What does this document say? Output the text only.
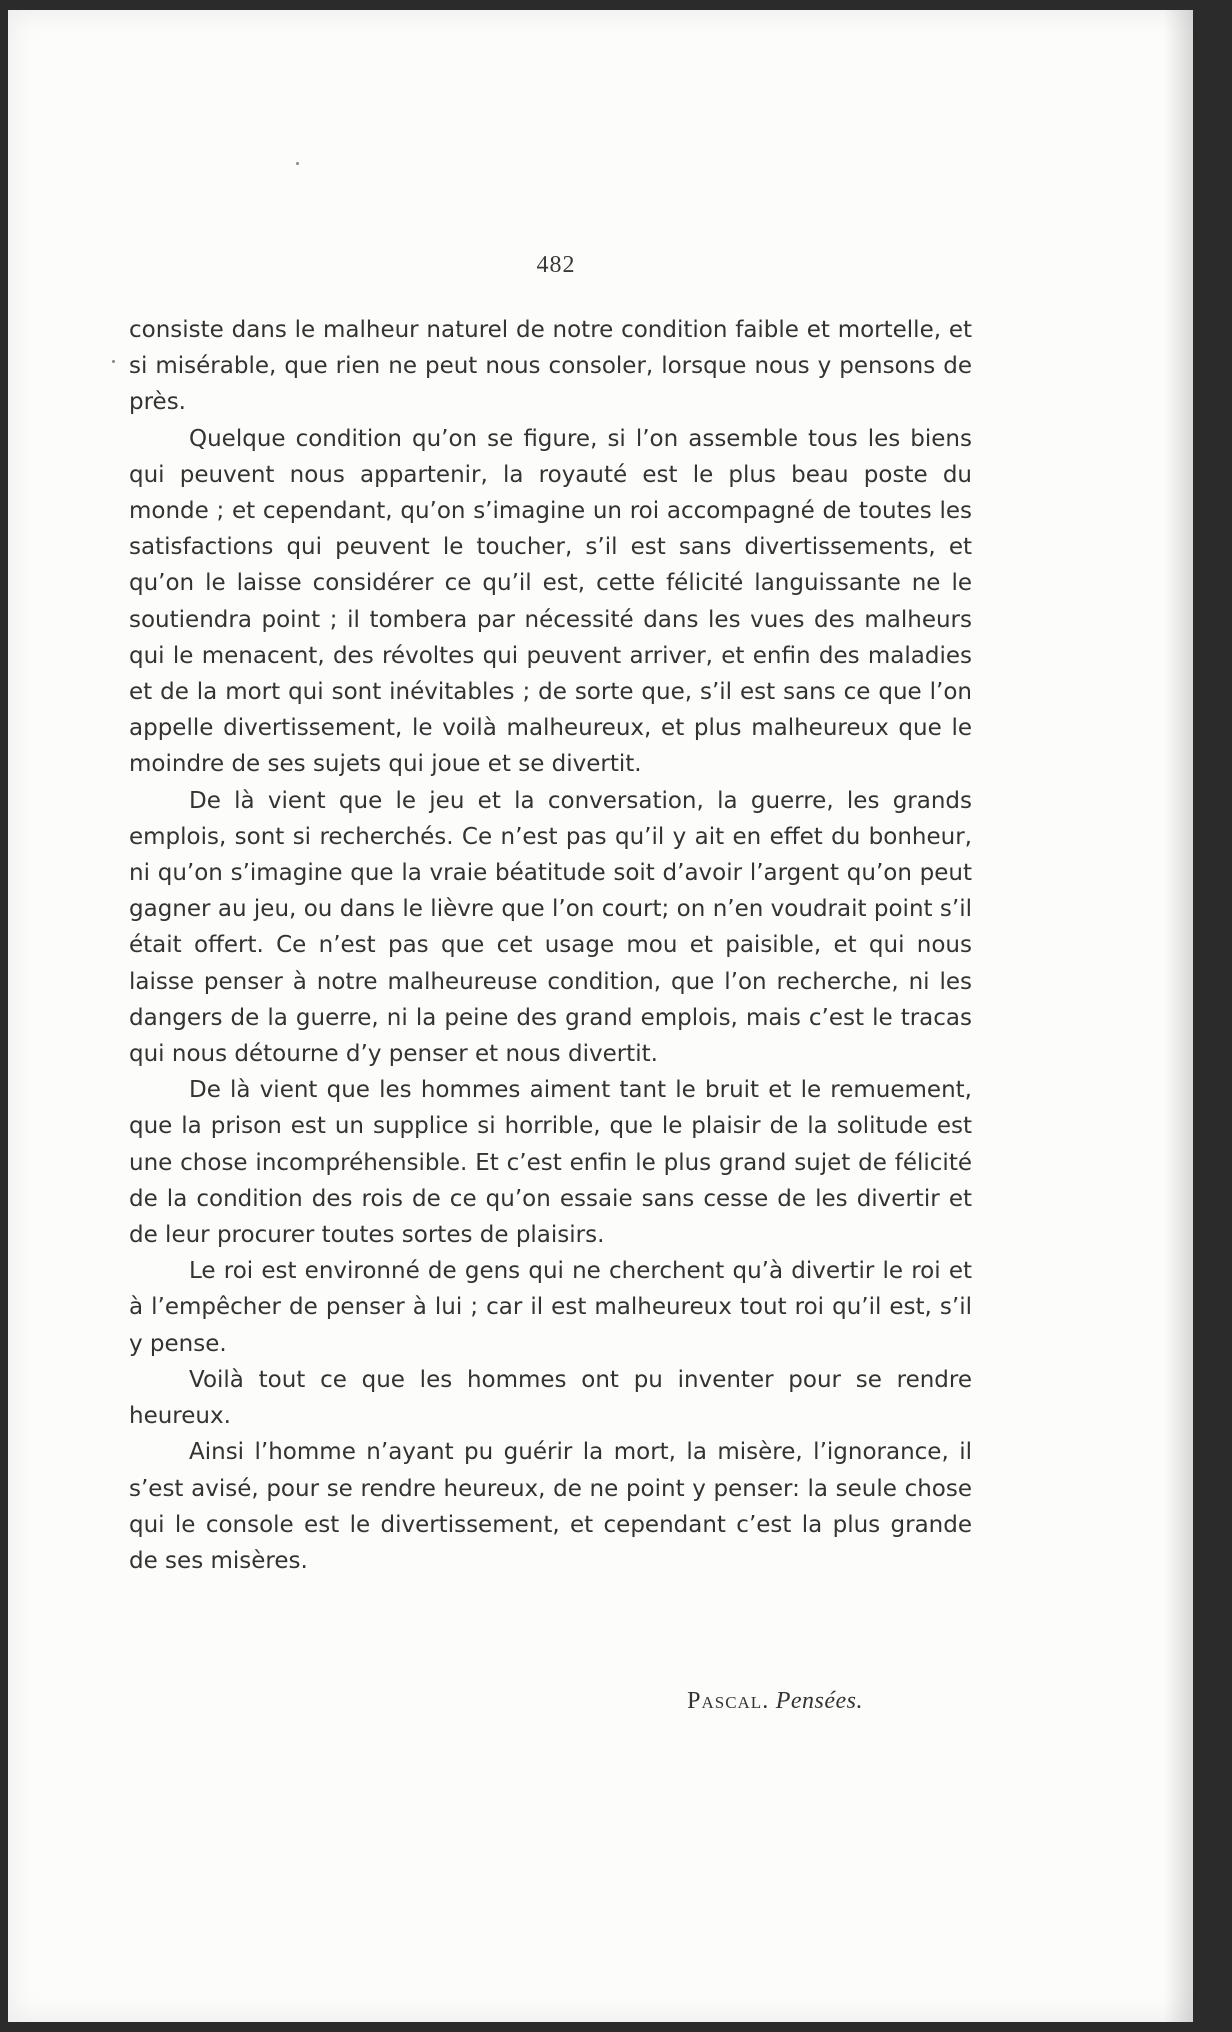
482

consiste dans le malheur naturel de notre condition faible et mortelle, et si misérable, que rien ne peut nous consoler, lorsque nous y pensons de près.

Quelque condition qu’on se figure, si l’on assemble tous les biens qui peuvent nous appartenir, la royauté est le plus beau poste du monde ; et cependant, qu’on s’imagine un roi accompagné de toutes les satisfactions qui peuvent le toucher, s’il est sans divertissements, et qu’on le laisse considérer ce qu’il est, cette félicité languissante ne le soutiendra point ; il tombera par nécessité dans les vues des malheurs qui le menacent, des révoltes qui peuvent arriver, et enfin des maladies et de la mort qui sont inévitables ; de sorte que, s’il est sans ce que l’on appelle divertissement, le voilà malheureux, et plus malheureux que le moindre de ses sujets qui joue et se divertit.

De là vient que le jeu et la conversation, la guerre, les grands emplois, sont si recherchés. Ce n’est pas qu’il y ait en effet du bonheur, ni qu’on s’imagine que la vraie béatitude soit d’avoir l’argent qu’on peut gagner au jeu, ou dans le lièvre que l’on court; on n’en voudrait point s’il était offert. Ce n’est pas que cet usage mou et paisible, et qui nous laisse penser à notre malheureuse condition, que l’on recherche, ni les dangers de la guerre, ni la peine des grand emplois, mais c’est le tracas qui nous détourne d’y penser et nous divertit.

De là vient que les hommes aiment tant le bruit et le remuement, que la prison est un supplice si horrible, que le plaisir de la solitude est une chose incompréhensible. Et c’est enfin le plus grand sujet de félicité de la condition des rois de ce qu’on essaie sans cesse de les divertir et de leur procurer toutes sortes de plaisirs.

Le roi est environné de gens qui ne cherchent qu’à divertir le roi et à l’empêcher de penser à lui ; car il est malheureux tout roi qu’il est, s’il y pense.

Voilà tout ce que les hommes ont pu inventer pour se rendre heureux.

Ainsi l’homme n’ayant pu guérir la mort, la misère, l’ignorance, il s’est avisé, pour se rendre heureux, de ne point y penser: la seule chose qui le console est le divertissement, et cependant c’est la plus grande de ses misères.

Pascal. Pensées.
